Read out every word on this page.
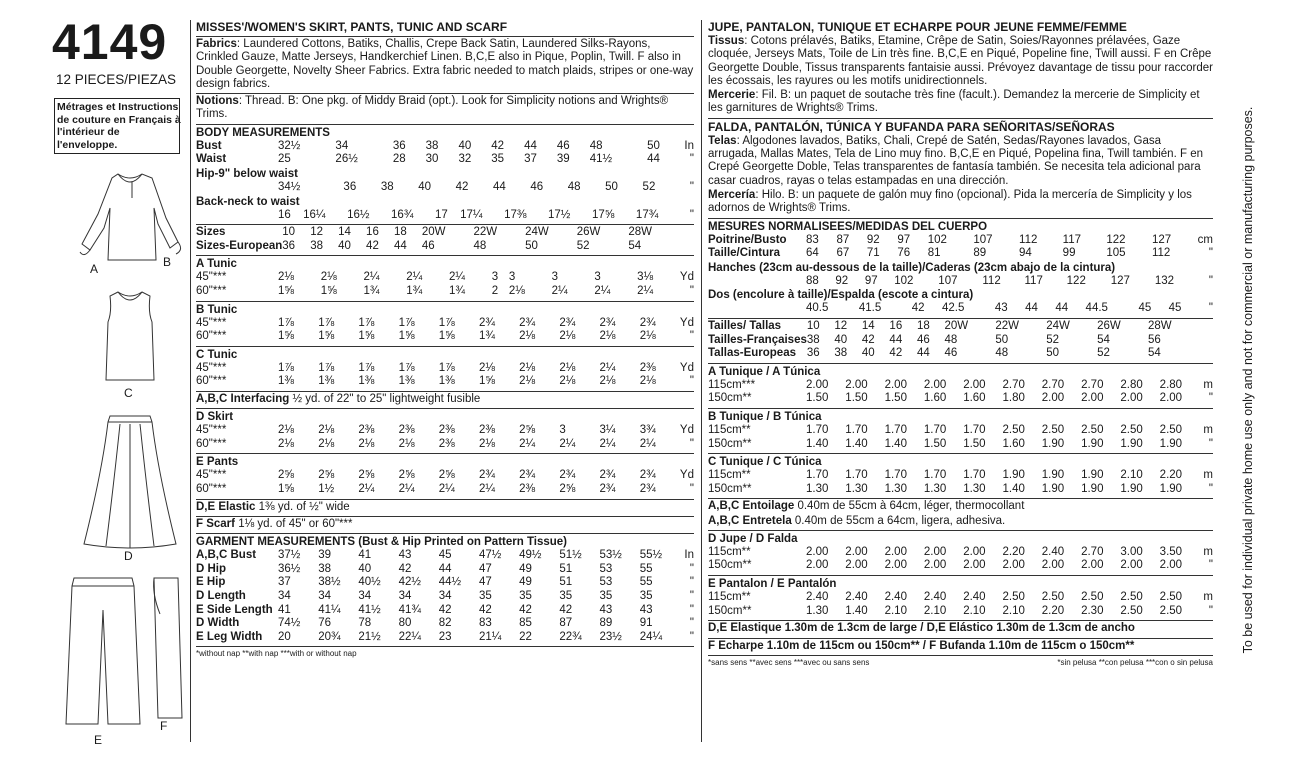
4149
12 PIECES/PIEZAS
Métrages et Instructions
de couture en Français à
l'intérieur de
l'enveloppe.
A	B
C
D
E
F
MISSES'/WOMEN'S SKIRT, PANTS, TUNIC AND SCARF
Fabrics: Laundered Cottons, Batiks, Challis, Crepe Back Satin, Laundered Silks-Rayons, Crinkled Gauze, Matte Jerseys, Handkerchief Linen. B,C,E also in Pique, Poplin, Twill. F also in Double Georgette, Novelty Sheer Fabrics. Extra fabric needed to match plaids, stripes or one-way design fabrics.
Notions: Thread. B: One pkg. of Middy Braid (opt.). Look for Simplicity notions and Wrights® Trims.
BODY MEASUREMENTS
Bust	32½	34	36	38	40	42	44	46	48	50	In
Waist	25	26½	28	30	32	35	37	39	41½	44	"
Hip-9" below waist
	34½	36	38	40	42	44	46	48	50	52	"
Back-neck to waist
	16	16¼	16½	16¾	17	17¼	17⅜	17½	17⅝	17¾	"
Sizes	10	12	14	16	18	20W	22W	24W	26W	28W	
Sizes-European	36	38	40	42	44	46	48	50	52	54	
A Tunic
45"***	2⅛	2⅛	2¼	2¼	2¼	3	3	3	3	3⅛	Yd
60"***	1⅝	1⅝	1¾	1¾	1¾	2	2⅛	2¼	2¼	2¼	"
B Tunic
45"***	1⅞	1⅞	1⅞	1⅞	1⅞	2¾	2¾	2¾	2¾	2¾	Yd
60"***	1⅝	1⅝	1⅝	1⅝	1⅝	1¾	2⅛	2⅛	2⅛	2⅛	"
C Tunic
45"***	1⅞	1⅞	1⅞	1⅞	1⅞	2⅛	2⅛	2⅛	2¼	2⅜	Yd
60"***	1⅜	1⅜	1⅜	1⅜	1⅜	1⅝	2⅛	2⅛	2⅛	2⅛	"
A,B,C Interfacing ½ yd. of 22" to 25" lightweight fusible
D Skirt
45"***	2⅛	2⅛	2⅜	2⅜	2⅜	2⅜	2⅝	3	3¼	3¾	Yd
60"***	2⅛	2⅛	2⅛	2⅛	2⅜	2⅛	2¼	2¼	2¼	2¼	"
E Pants
45"***	2⅝	2⅝	2⅝	2⅝	2⅝	2¾	2¾	2¾	2¾	2¾	Yd
60"***	1⅝	1½	2¼	2¼	2¼	2¼	2⅜	2⅝	2¾	2¾	"
D,E Elastic 1⅜ yd. of ½" wide
F Scarf 1⅛ yd. of 45" or 60"***
GARMENT MEASUREMENTS (Bust & Hip Printed on Pattern Tissue)
A,B,C Bust	37½	39	41	43	45	47½	49½	51½	53½	55½	In
D Hip	36½	38	40	42	44	47	49	51	53	55	"
E Hip	37	38½	40½	42½	44½	47	49	51	53	55	"
D Length	34	34	34	34	34	35	35	35	35	35	"
E Side Length	41	41¼	41½	41¾	42	42	42	42	43	43	"
D Width	74½	76	78	80	82	83	85	87	89	91	"
E Leg Width	20	20¾	21½	22¼	23	21¼	22	22¾	23½	24¼	"
*without nap **with nap ***with or without nap
JUPE, PANTALON, TUNIQUE ET ECHARPE POUR JEUNE FEMME/FEMME
Tissus: Cotons prélavés, Batiks, Etamine, Crêpe de Satin, Soies/Rayonnes prélavées, Gaze cloquée, Jerseys Mats, Toile de Lin très fine. B,C,E en Piqué, Popeline fine, Twill aussi. F en Crêpe Georgette Double, Tissus transparents fantaisie aussi. Prévoyez davantage de tissu pour raccorder les écossais, les rayures ou les motifs unidirectionnels.
Mercerie: Fil. B: un paquet de soutache très fine (facult.). Demandez la mercerie de Simplicity et les garnitures de Wrights® Trims.
FALDA, PANTALÓN, TÚNICA Y BUFANDA PARA SEÑORITAS/SEÑORAS
Telas: Algodones lavados, Batiks, Chali, Crepé de Satén, Sedas/Rayones lavados, Gasa arrugada, Mallas Mates, Tela de Lino muy fino. B,C,E en Piqué, Popelina fina, Twill también. F en Crepé Georgette Doble, Telas transparentes de fantasía también. Se necesita tela adicional para casar cuadros, rayas o telas estampadas en una dirección.
Mercería: Hilo. B: un paquete de galón muy fino (opcional). Pida la mercería de Simplicity y los adornos de Wrights® Trims.
MESURES NORMALISEES/MEDIDAS DEL CUERPO
Poitrine/Busto	83	87	92	97	102	107	112	117	122	127	cm
Taille/Cintura	64	67	71	76	81	89	94	99	105	112	"
Hanches (23cm au-dessous de la taille)/Caderas (23cm abajo de la cintura)
	88	92	97	102	107	112	117	122	127	132	"
Dos (encolure à taille)/Espalda (escote a cintura)
	40.5	41.5	42	42.5	43	44	44	44.5	45	45	"
Tailles/ Tallas	10	12	14	16	18	20W	22W	24W	26W	28W	
Tailles-Françaises	38	40	42	44	46	48	50	52	54	56	
Tallas-Europeas	36	38	40	42	44	46	48	50	52	54	
A Tunique / A Túnica
115cm***	2.00	2.00	2.00	2.00	2.00	2.70	2.70	2.70	2.80	2.80	m
150cm**	1.50	1.50	1.50	1.60	1.60	1.80	2.00	2.00	2.00	2.00	"
B Tunique / B Túnica
115cm**	1.70	1.70	1.70	1.70	1.70	2.50	2.50	2.50	2.50	2.50	m
150cm**	1.40	1.40	1.40	1.50	1.50	1.60	1.90	1.90	1.90	1.90	"
C Tunique / C Túnica
115cm**	1.70	1.70	1.70	1.70	1.70	1.90	1.90	1.90	2.10	2.20	m
150cm**	1.30	1.30	1.30	1.30	1.30	1.40	1.90	1.90	1.90	1.90	"
A,B,C Entoilage 0.40m de 55cm à 64cm, léger, thermocollant
A,B,C Entretela 0.40m de 55cm a 64cm, ligera, adhesiva.
D Jupe / D Falda
115cm**	2.00	2.00	2.00	2.00	2.00	2.20	2.40	2.70	3.00	3.50	m
150cm**	2.00	2.00	2.00	2.00	2.00	2.00	2.00	2.00	2.00	2.00	"
E Pantalon / E Pantalón
115cm**	2.40	2.40	2.40	2.40	2.40	2.50	2.50	2.50	2.50	2.50	m
150cm**	1.30	1.40	2.10	2.10	2.10	2.10	2.20	2.30	2.50	2.50	"
D,E Elastique 1.30m de 1.3cm de large / D,E Elástico 1.30m de 1.3cm de ancho
F Echarpe 1.10m de 115cm ou 150cm** / F Bufanda 1.10m de 115cm o 150cm**
*sans sens **avec sens ***avec ou sans sens	*sin pelusa **con pelusa ***con o sin pelusa
To be used for individual private home use only and not for commercial or manufacturing purposes.
